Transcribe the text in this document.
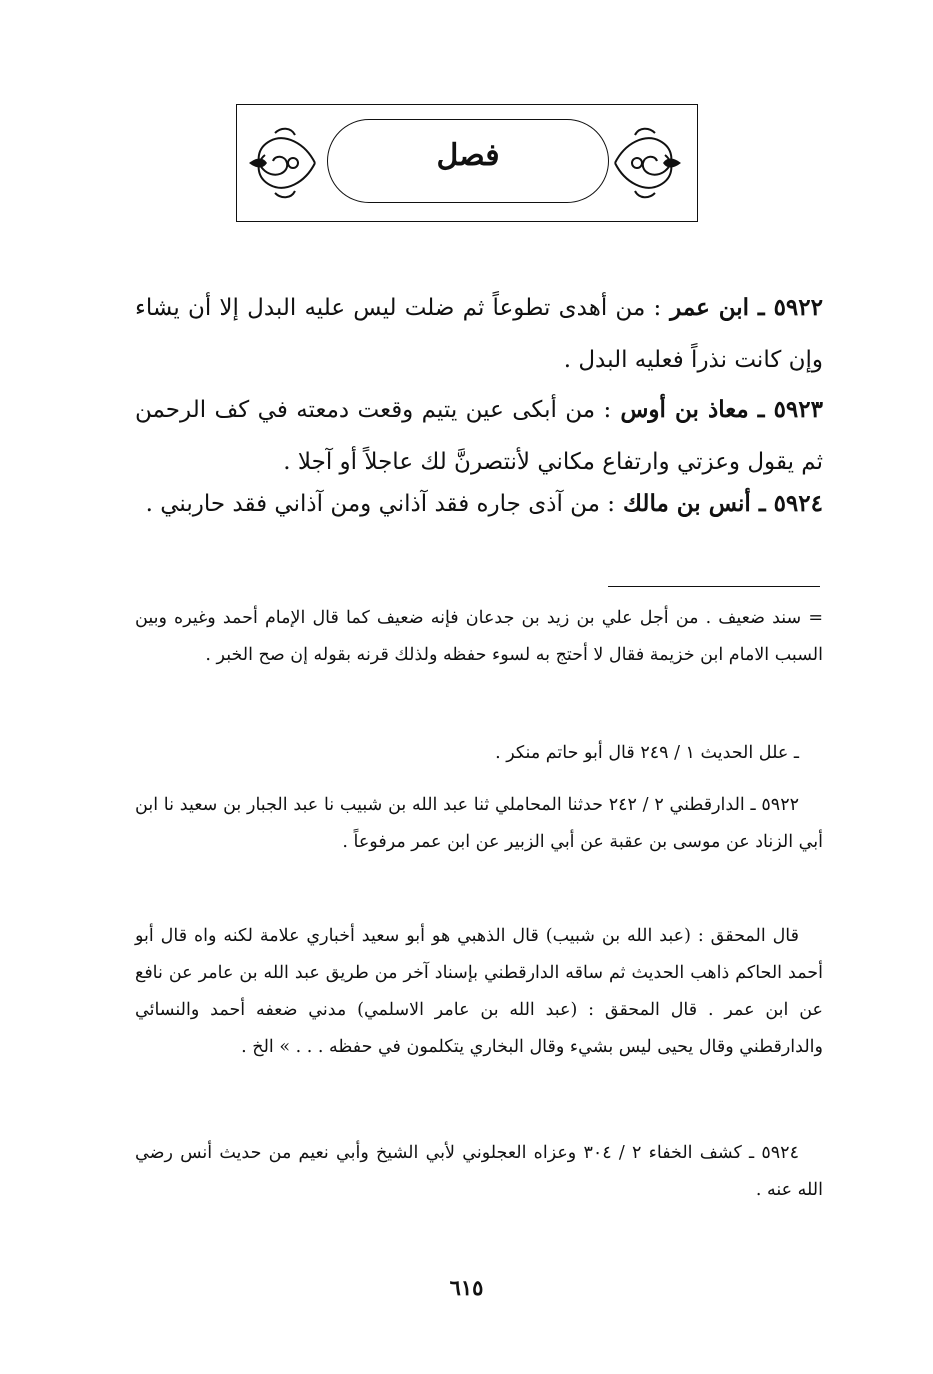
فصل

٥٩٢٢ ـ ابن عمر : من أهدى تطوعاً ثم ضلت ليس عليه البدل إلا أن يشاء وإن كانت نذراً فعليه البدل .

٥٩٢٣ ـ معاذ بن أوس : من أبكى عين يتيم وقعت دمعته في كف الرحمن ثم يقول وعزتي وارتفاع مكاني لأنتصرنَّ لك عاجلاً أو آجلا .

٥٩٢٤ ـ أنس بن مالك : من آذى جاره فقد آذاني ومن آذاني فقد حاربني .

= سند ضعيف . من أجل علي بن زيد بن جدعان فإنه ضعيف كما قال الإمام أحمد وغيره وبين السبب الامام ابن خزيمة فقال لا أحتج به لسوء حفظه ولذلك قرنه بقوله إن صح الخبر .

ـ علل الحديث ١ / ٢٤٩ قال أبو حاتم منكر .

٥٩٢٢ ـ الدارقطني ٢ / ٢٤٢ حدثنا المحاملي ثنا عبد الله بن شبيب نا عبد الجبار بن سعيد نا ابن أبي الزناد عن موسى بن عقبة عن أبي الزبير عن ابن عمر مرفوعاً .

قال المحقق : (عبد الله بن شبيب) قال الذهبي هو أبو سعيد أخباري علامة لكنه واه قال أبو أحمد الحاكم ذاهب الحديث ثم ساقه الدارقطني بإسناد آخر من طريق عبد الله بن عامر عن نافع عن ابن عمر . قال المحقق : (عبد الله بن عامر الاسلمي) مدني ضعفه أحمد والنسائي والدارقطني وقال يحيى ليس بشيء وقال البخاري يتكلمون في حفظه . . . » الخ .

٥٩٢٤ ـ كشف الخفاء ٢ / ٣٠٤ وعزاه العجلوني لأبي الشيخ وأبي نعيم من حديث أنس رضي الله عنه .

٦١٥
